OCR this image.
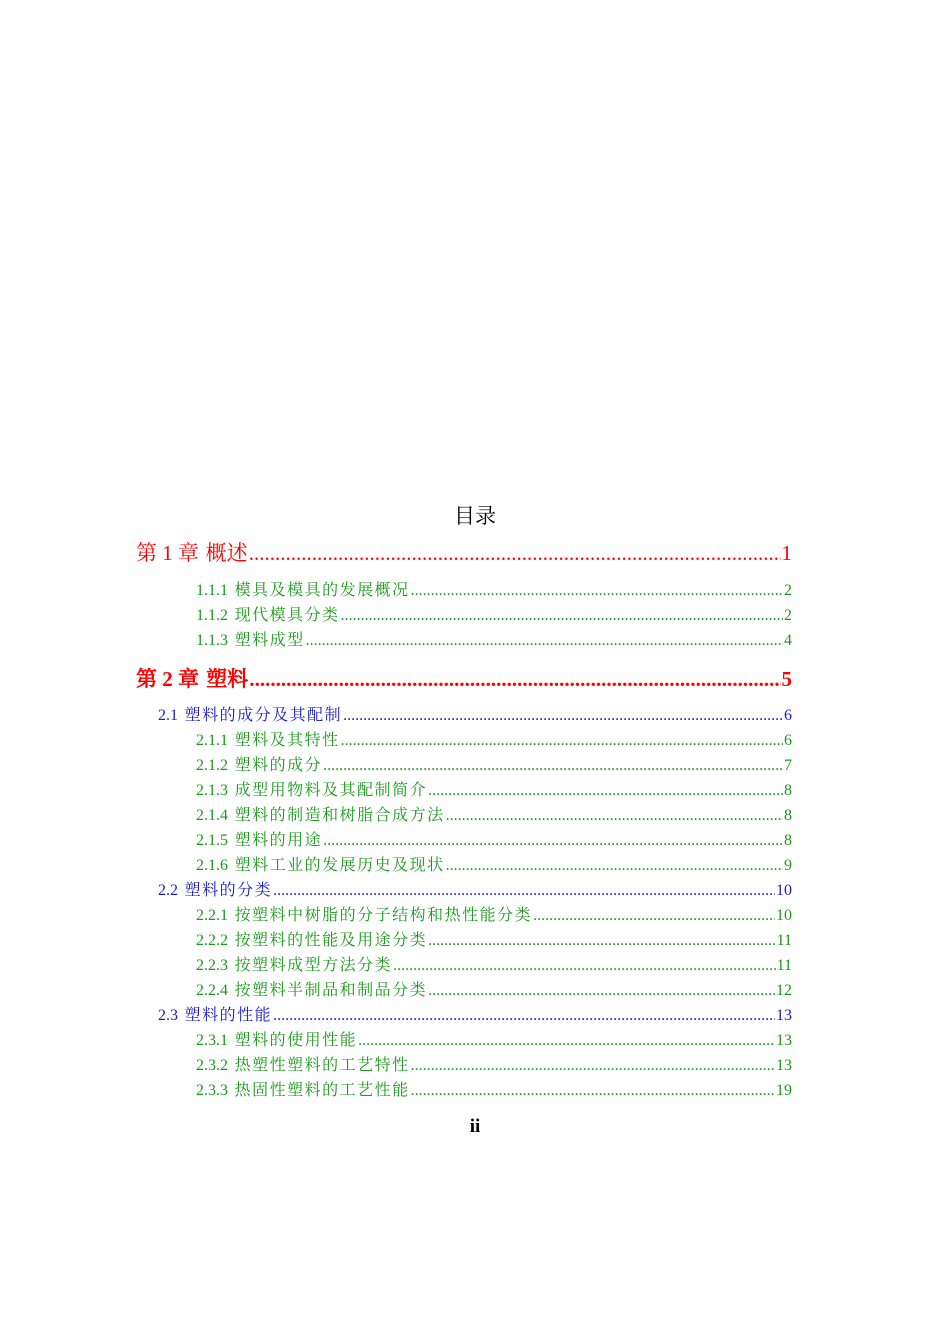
目录
第 1 章 概述 .....	1
1.1.1 模具及模具的发展概况 .....	2
1.1.2 现代模具分类 .....	2
1.1.3 塑料成型 .....	4
第 2 章 塑料 .....	5
2.1 塑料的成分及其配制 .....	6
2.1.1 塑料及其特性 .....	6
2.1.2 塑料的成分 .....	7
2.1.3 成型用物料及其配制简介 .....	8
2.1.4 塑料的制造和树脂合成方法 .....	8
2.1.5 塑料的用途 .....	8
2.1.6 塑料工业的发展历史及现状 .....	9
2.2 塑料的分类 .....	10
2.2.1 按塑料中树脂的分子结构和热性能分类 .....	10
2.2.2 按塑料的性能及用途分类 .....	11
2.2.3 按塑料成型方法分类 .....	11
2.2.4 按塑料半制品和制品分类 .....	12
2.3 塑料的性能 .....	13
2.3.1 塑料的使用性能 .....	13
2.3.2 热塑性塑料的工艺特性 .....	13
2.3.3 热固性塑料的工艺性能 .....	19
ii
